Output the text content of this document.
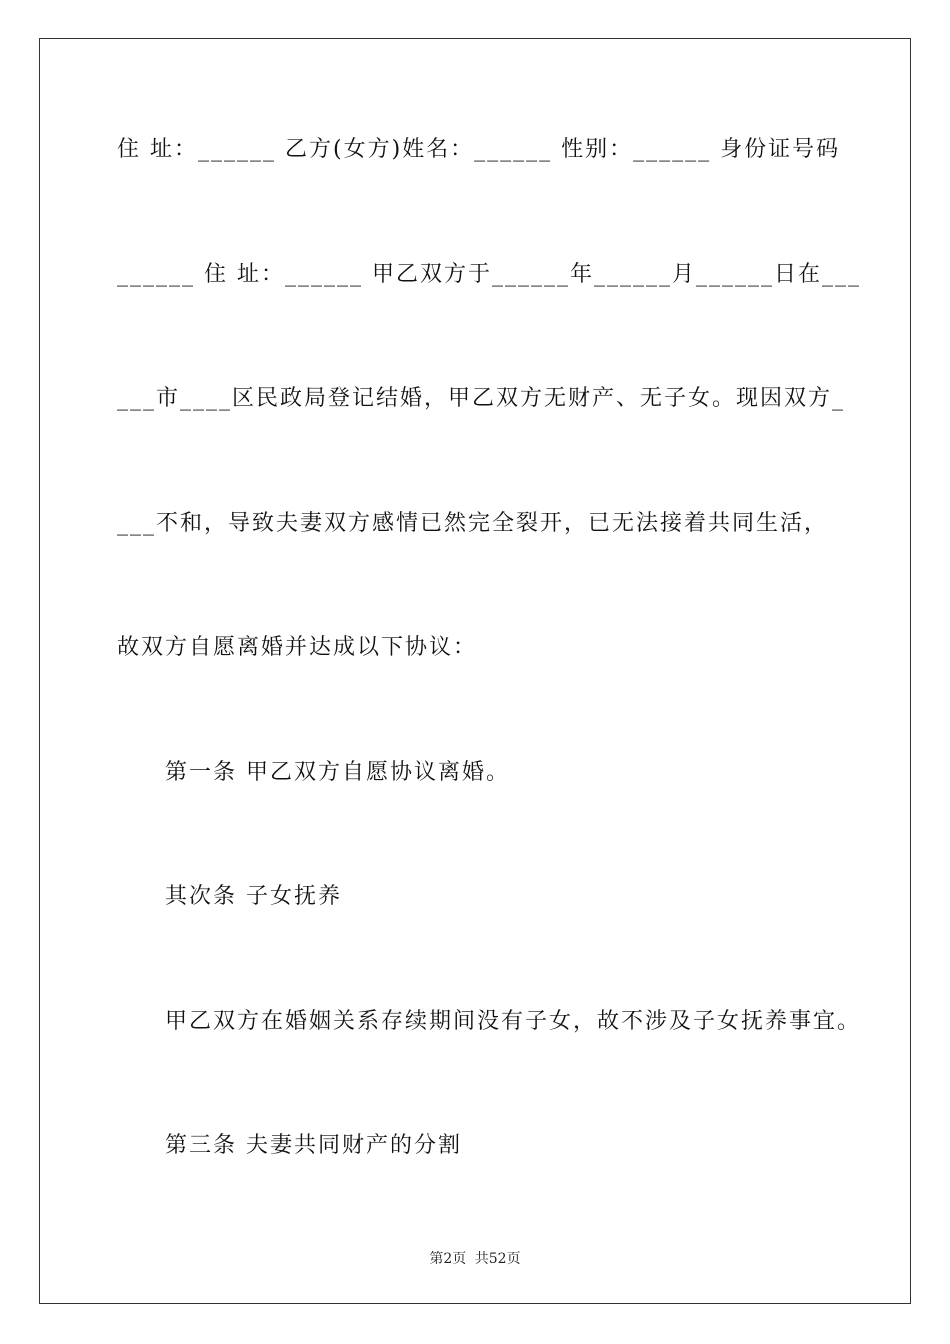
住 址：______ 乙方(女方)姓名：______ 性别：______ 身份证号码
______ 住 址：______ 甲乙双方于______年______月______日在___
___市____区民政局登记结婚，甲乙双方无财产、无子女。现因双方_
___不和，导致夫妻双方感情已然完全裂开，已无法接着共同生活，
故双方自愿离婚并达成以下协议：
第一条 甲乙双方自愿协议离婚。
其次条 子女抚养
甲乙双方在婚姻关系存续期间没有子女，故不涉及子女抚养事宜。
第三条 夫妻共同财产的分割
第2页 共52页
